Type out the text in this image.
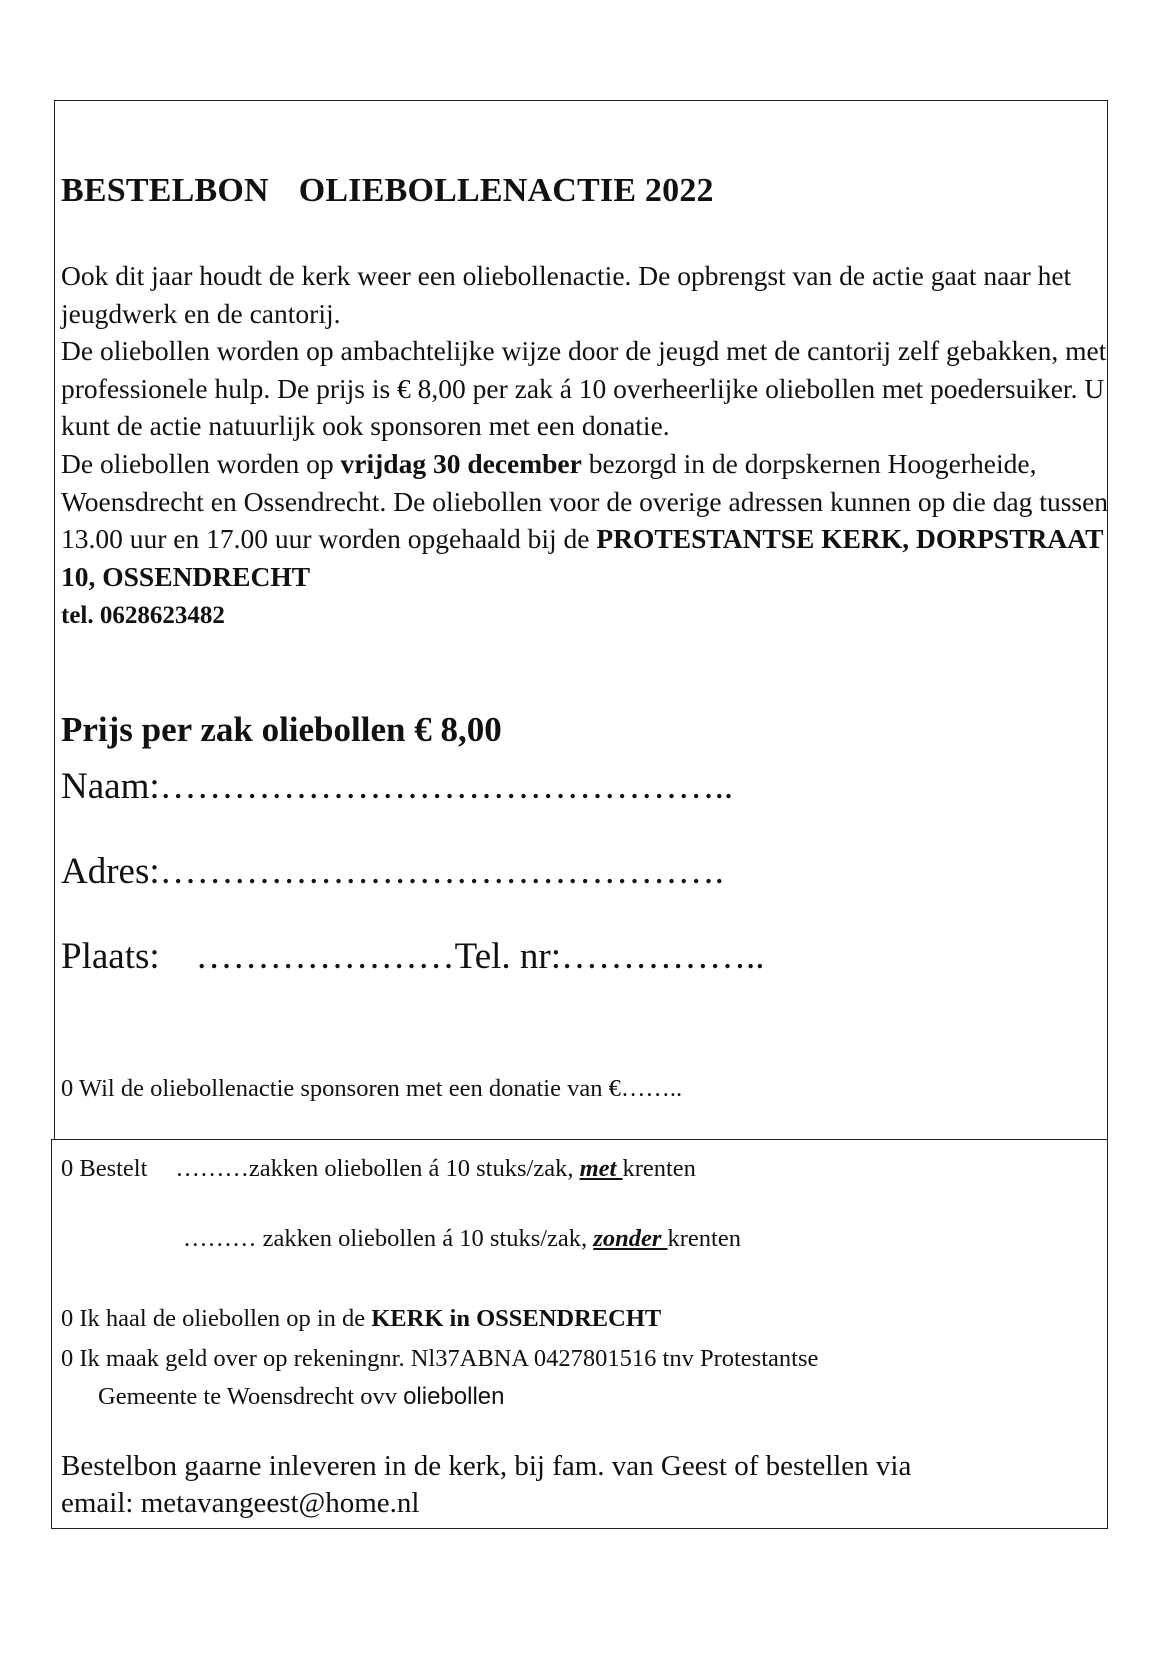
BESTELBON OLIEBOLLENACTIE 2022

Ook dit jaar houdt de kerk weer een oliebollenactie. De opbrengst van de actie gaat naar het jeugdwerk en de cantorij.

De oliebollen worden op ambachtelijke wijze door de jeugd met de cantorij zelf gebakken, met professionele hulp. De prijs is € 8,00 per zak á 10 overheerlijke oliebollen met poedersuiker. U kunt de actie natuurlijk ook sponsoren met een donatie.

De oliebollen worden op vrijdag 30 december bezorgd in de dorpskernen Hoogerheide, Woensdrecht en Ossendrecht. De oliebollen voor de overige adressen kunnen op die dag tussen 13.00 uur en 17.00 uur worden opgehaald bij de PROTESTANTSE KERK, DORPSTRAAT 10, OSSENDRECHT
tel. 0628623482

Prijs per zak oliebollen € 8,00
Naam:………………………………………..
Adres:……………………………………….
Plaats: …………………Tel. nr:……………..
0 Wil de oliebollenactie sponsoren met een donatie van €……..
0 Bestelt ………zakken oliebollen á 10 stuks/zak, met krenten
……… zakken oliebollen á 10 stuks/zak, zonder krenten
0 Ik haal de oliebollen op in de KERK in OSSENDRECHT
0 Ik maak geld over op rekeningnr. Nl37ABNA 0427801516 tnv Protestantse
Gemeente te Woensdrecht ovv oliebollen

Bestelbon gaarne inleveren in de kerk, bij fam. van Geest of bestellen via

email: metavangeest@home.nl
